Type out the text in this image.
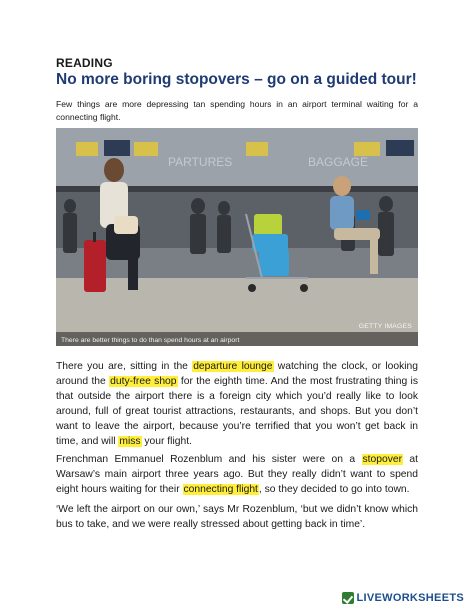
READING
No more boring stopovers – go on a guided tour!
Few things are more depressing tan spending hours in an airport terminal waiting for a connecting flight.
PARTURES	BAGGAGE
GETTY IMAGES
There are better things to do than spend hours at an airport
There you are, sitting in the departure lounge watching the clock, or looking around the duty-free shop for the eighth time. And the most frustrating thing is that outside the airport there is a foreign city which you’d really like to look around, full of great tourist attractions, restaurants, and shops. But you don’t want to leave the airport, because you’re terrified that you won’t get back in time, and will miss your flight.
Frenchman Emmanuel Rozenblum and his sister were on a stopover at Warsaw’s main airport three years ago. But they really didn’t want to spend eight hours waiting for their connecting flight, so they decided to go into town.
‘We left the airport on our own,’ says Mr Rozenblum, ‘but we didn’t know which bus to take, and we were really stressed about getting back in time’.
LIVEWORKSHEETS
